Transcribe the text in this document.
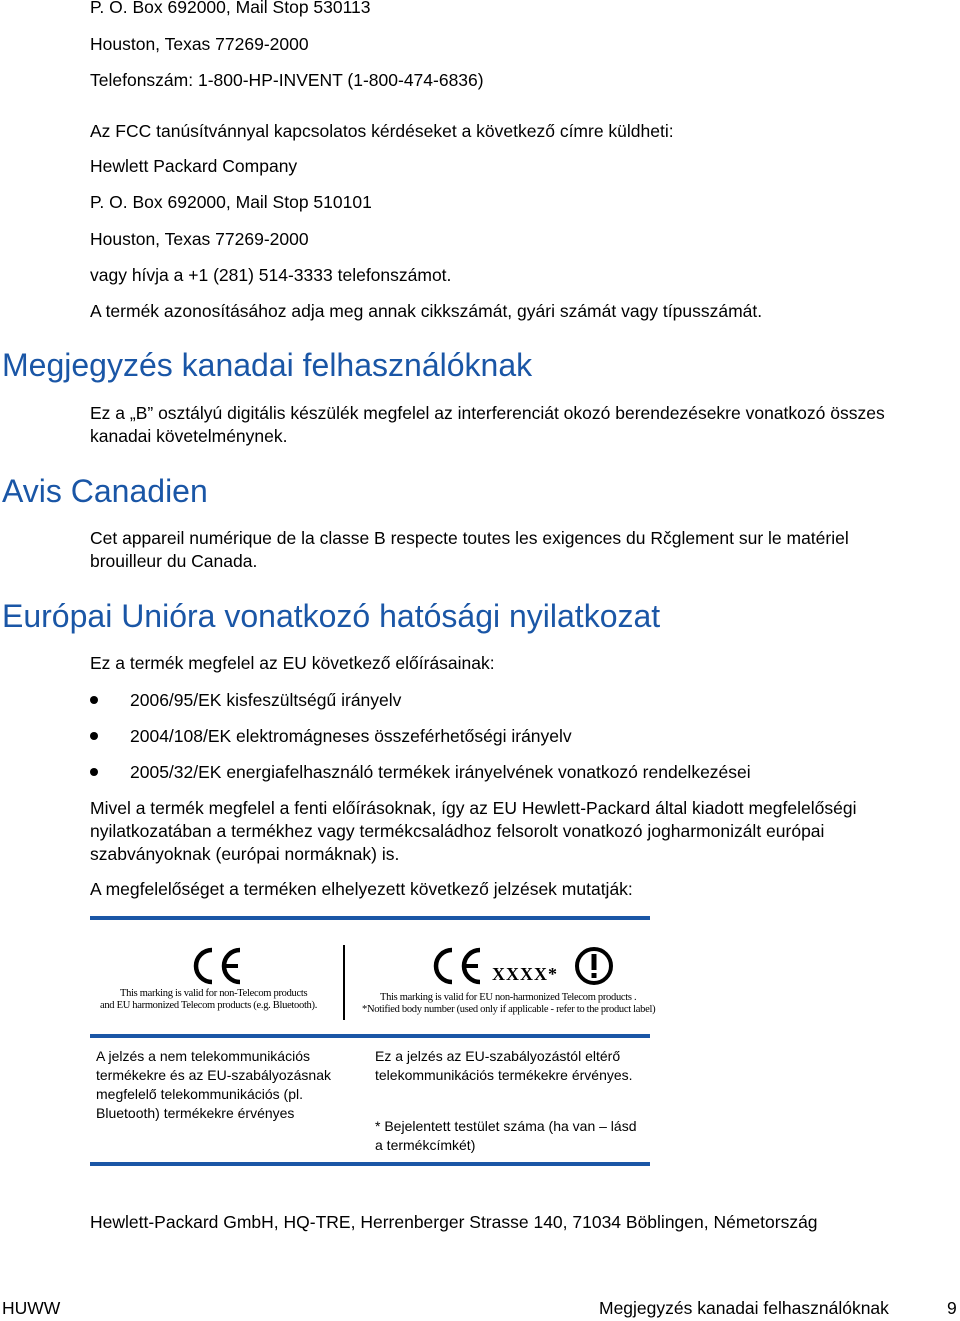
P. O. Box 692000, Mail Stop 530113
Houston, Texas 77269-2000
Telefonszám: 1-800-HP-INVENT (1-800-474-6836)
Az FCC tanúsítvánnyal kapcsolatos kérdéseket a következő címre küldheti:
Hewlett Packard Company
P. O. Box 692000, Mail Stop 510101
Houston, Texas 77269-2000
vagy hívja a +1 (281) 514-3333 telefonszámot.
A termék azonosításához adja meg annak cikkszámát, gyári számát vagy típusszámát.
Megjegyzés kanadai felhasználóknak
Ez a „B” osztályú digitális készülék megfelel az interferenciát okozó berendezésekre vonatkozó összes kanadai követelménynek.
Avis Canadien
Cet appareil numérique de la classe B respecte toutes les exigences du Rčglement sur le matériel brouilleur du Canada.
Európai Unióra vonatkozó hatósági nyilatkozat
Ez a termék megfelel az EU következő előírásainak:
2006/95/EK kisfeszültségű irányelv
2004/108/EK elektromágneses összeférhetőségi irányelv
2005/32/EK energiafelhasználó termékek irányelvének vonatkozó rendelkezései
Mivel a termék megfelel a fenti előírásoknak, így az EU Hewlett-Packard által kiadott megfelelőségi nyilatkozatában a termékhez vagy termékcsaládhoz felsorolt vonatkozó jogharmonizált európai szabványoknak (európai normáknak) is.
A megfelelőséget a terméken elhelyezett következő jelzések mutatják:
This marking is valid for non-Telecom products
and EU harmonized Telecom products (e.g. Bluetooth).
XXXX*
This marking is valid for EU non-harmonized Telecom products .
*Notified body number (used only if applicable - refer to the product label)
A jelzés a nem telekommunikációs termékekre és az EU-szabályozásnak megfelelő telekommunikációs (pl. Bluetooth) termékekre érvényes
Ez a jelzés az EU-szabályozástól eltérő telekommunikációs termékekre érvényes.
* Bejelentett testület száma (ha van – lásd a termékcímkét)
Hewlett-Packard GmbH, HQ-TRE, Herrenberger Strasse 140, 71034 Böblingen, Németország
HUWW	Megjegyzés kanadai felhasználóknak	9
